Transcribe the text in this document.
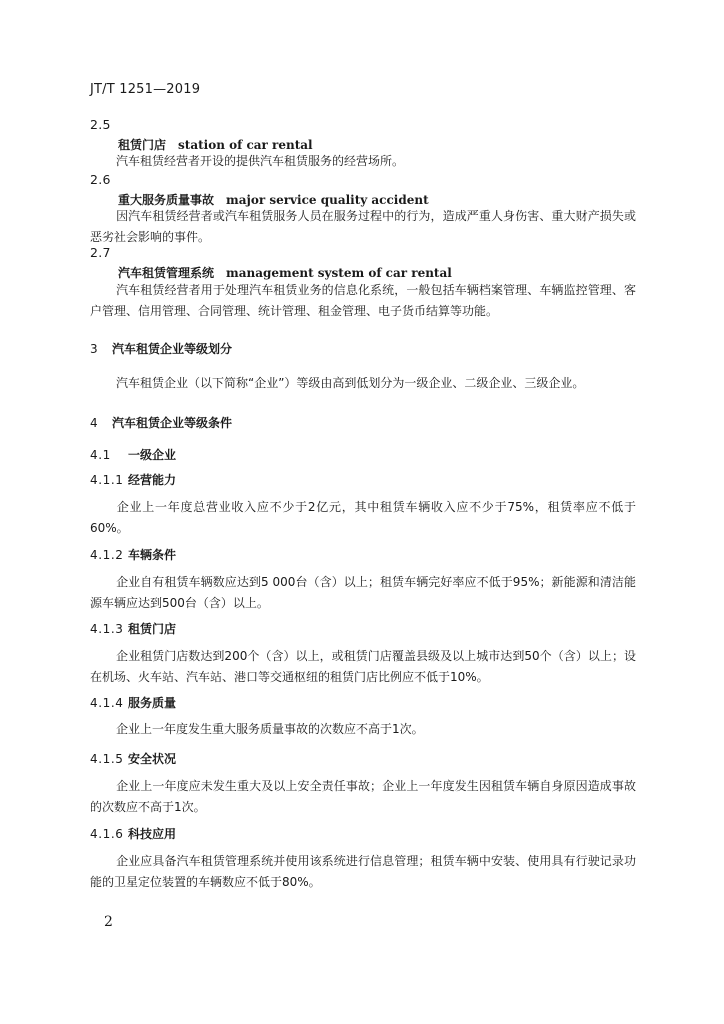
JT/T 1251—2019
2.5
租赁门店 station of car rental
汽车租赁经营者开设的提供汽车租赁服务的经营场所。
2.6
重大服务质量事故 major service quality accident
因汽车租赁经营者或汽车租赁服务人员在服务过程中的行为，造成严重人身伤害、重大财产损失或恶劣社会影响的事件。
2.7
汽车租赁管理系统 management system of car rental
汽车租赁经营者用于处理汽车租赁业务的信息化系统，一般包括车辆档案管理、车辆监控管理、客户管理、信用管理、合同管理、统计管理、租金管理、电子货币结算等功能。
3 汽车租赁企业等级划分
汽车租赁企业（以下简称“企业”）等级由高到低划分为一级企业、二级企业、三级企业。
4 汽车租赁企业等级条件
4.1 一级企业
4.1.1 经营能力
企业上一年度总营业收入应不少于2亿元，其中租赁车辆收入应不少于75%，租赁率应不低于60%。
4.1.2 车辆条件
企业自有租赁车辆数应达到5 000台（含）以上；租赁车辆完好率应不低于95%；新能源和清洁能源车辆应达到500台（含）以上。
4.1.3 租赁门店
企业租赁门店数达到200个（含）以上，或租赁门店覆盖县级及以上城市达到50个（含）以上；设在机场、火车站、汽车站、港口等交通枢纽的租赁门店比例应不低于10%。
4.1.4 服务质量
企业上一年度发生重大服务质量事故的次数应不高于1次。
4.1.5 安全状况
企业上一年度应未发生重大及以上安全责任事故；企业上一年度发生因租赁车辆自身原因造成事故的次数应不高于1次。
4.1.6 科技应用
企业应具备汽车租赁管理系统并使用该系统进行信息管理；租赁车辆中安装、使用具有行驶记录功能的卫星定位装置的车辆数应不低于80%。
2
